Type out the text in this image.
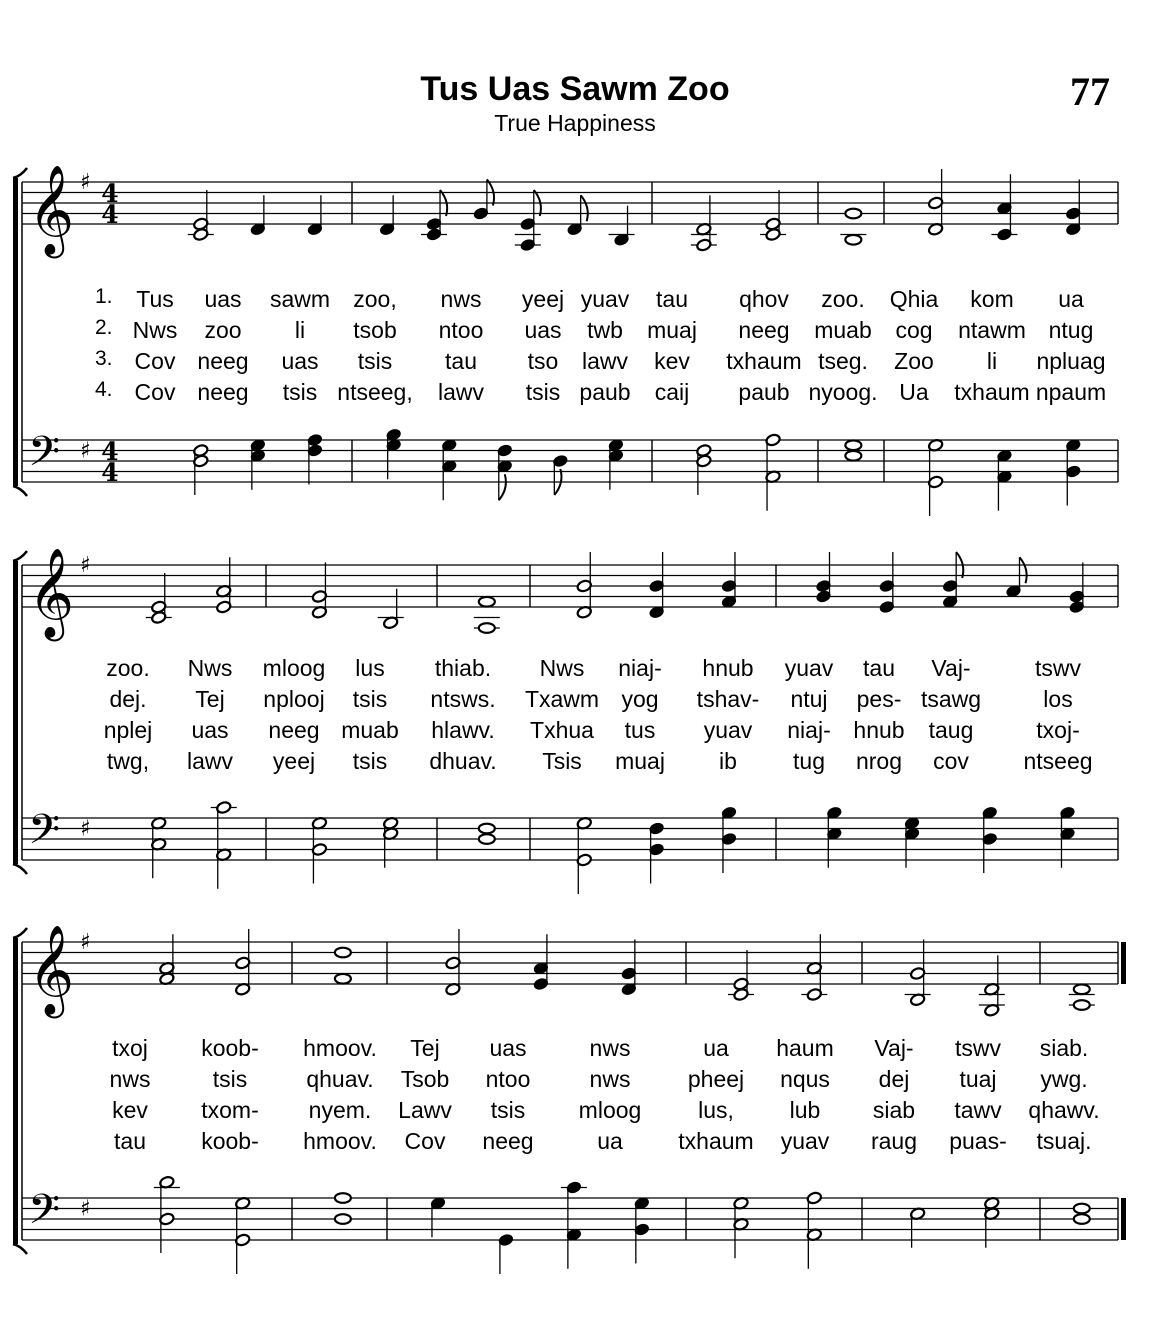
Tus Uas Sawm Zoo
True Happiness
77
𝄞
𝄢
♯
♯
4
4
4
4
𝄞
𝄢
♯
♯
𝄞
𝄢
♯
♯
1. Tus uas sawm zoo, nws yeej yuav tau qhov zoo. Qhia kom ua
2. Nws zoo li tsob ntoo uas twb muaj neeg muab cog ntawm ntug
3. Cov neeg uas tsis tau tso lawv kev txhaum tseg. Zoo li npluag
4. Cov neeg tsis ntseeg, lawv tsis paub caij paub nyoog. Ua txhaum npaum
zoo. Nws mloog lus thiab. Nws niaj- hnub yuav tau Vaj-	tswv
dej. Tej nplooj tsis ntsws. Txawm yog tshav- ntuj pes- tsawg	los
nplej uas neeg muab hlawv. Txhua tus yuav niaj- hnub taug	txoj-
twg, lawv yeej tsis dhuav. Tsis muaj ib tug nrog cov ntseeg
txoj koob- hmoov. Tej uas	nws	ua haum Vaj- tswv siab.
nws	tsis	qhuav. Tsob ntoo	nws pheej nqus dej tuaj ywg.
kev txom- nyem. Lawv tsis mloog lus, lub siab tawv qhawv.
tau koob- hmoov. Cov neeg	ua txhaum yuav raug puas- tsuaj.
